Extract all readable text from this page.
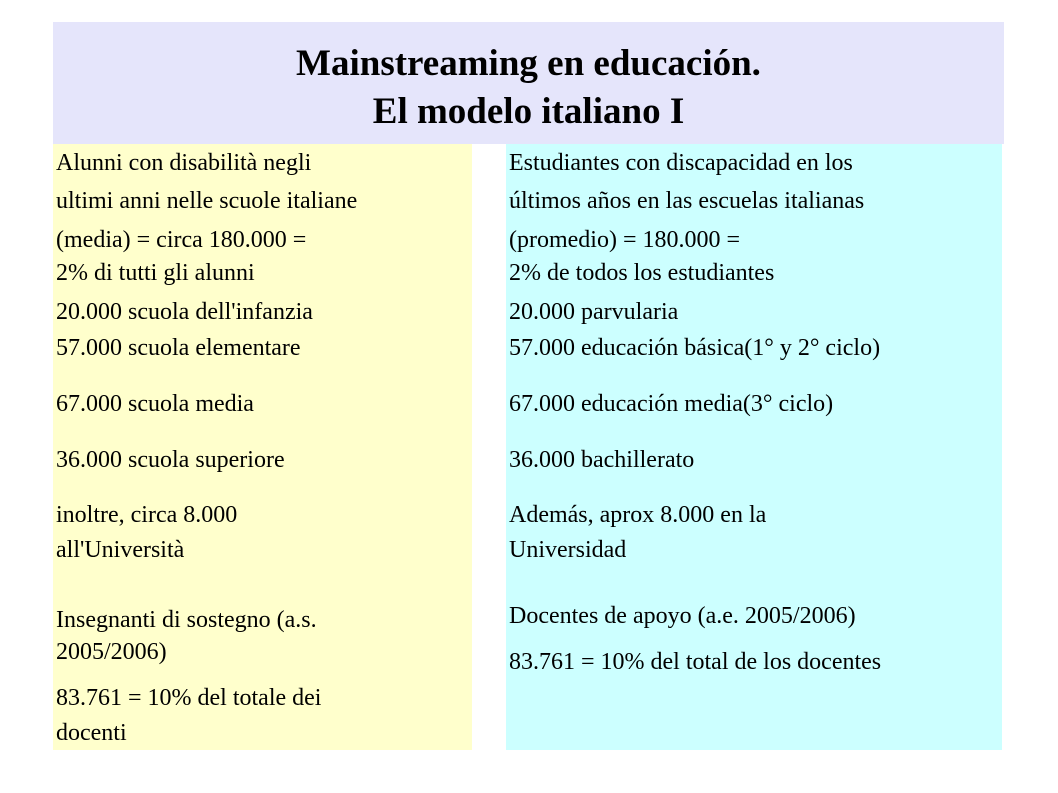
Mainstreaming en educación.
El modelo italiano I
Alunni con disabilità negli
ultimi anni nelle scuole italiane
(media) = circa 180.000 =
2% di tutti gli alunni
20.000 scuola dell'infanzia
57.000 scuola elementare
67.000 scuola media
36.000 scuola superiore
inoltre, circa 8.000
all'Università
Insegnanti di sostegno (a.s.
2005/2006)
83.761 = 10% del totale dei
docenti
Estudiantes con discapacidad en los
últimos años en las escuelas italianas
(promedio) = 180.000 =
2% de todos los estudiantes
20.000 parvularia
57.000 educación básica(1° y 2° ciclo)
67.000 educación media(3° ciclo)
36.000 bachillerato
Además, aprox 8.000 en la
Universidad
Docentes de apoyo (a.e. 2005/2006)
83.761 = 10% del total de los docentes
